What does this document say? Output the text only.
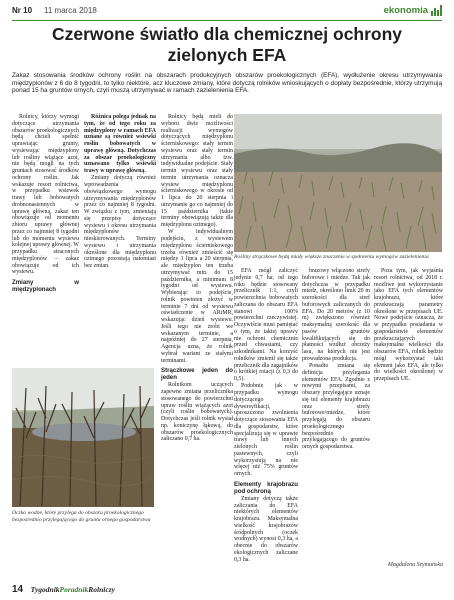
Nr 10 11 marca 2018	ekonomia
Czerwone światło dla chemicznej ochrony zielonych EFA
Zakaz stosowania środków ochrony roślin na obszarach produkcyjnych obszarów proekologicznych (EFA), wydłużenie okresu utrzymywania międzyplonów z 6 do 8 tygodni, to tylko niektóre, acz kluczowe zmiany, które dotyczą rolników wnioskujących o dopłaty bezpośrednie, którzy utrzymują ponad 15 ha gruntów ornych, czyli muszą utrzymywać w ramach zazielenienia EFA.

Rolnicy, którzy wymogi dotyczące utrzymania obszarów proekologicznych będą chcieli spełnić uprawiając grunty, wysiewając międzyplony lub rośliny wiążące azot, nie będą mogli na tych gruntach stosować środków ochrony roślin. Jak wskazuje resort rolnictwa, w przypadku wsiewek trawy lub bobowatych drobnonasiennych w uprawę główną, zakaz ten obowiązuje od momentu zbioru uprawy głównej przez co najmniej 8 tygodni lub do momentu wysiewu kolejnej uprawy głównej. W przypadku straconych międzyplonów – zakaz obowiązuje od ich wysiewu.

Zmiany w międzyplonach

Różnica polega jednak na tym, że od tego roku za międzyplony w ramach EFA uznane są również wsiewki roślin bobowatych w uprawę główną. Dotychczas za obszar proekologiczny uznawano tylko wsiewki trawy w uprawę główną.

Zmiany dotyczą również wprowadzenia obowiązkowego wymogu utrzymywania międzyplonów przez co najmniej 8 tygodni. W związku z tym, zmieniają się przepisy dotyczące wysiewu i okresu utrzymania międzyplonów nieskierowanych. Terminy wysiewu i utrzymania określone dla międzyplonu ozimego pozostają natomiast bez zmian.

Rolnicy będą mieli do wyboru dwie możliwości realizacji wymogów dotyczących międzyplonu ścierniskowego: stały termin wysiewu oraz stały termin utrzymania albo tzw. indywidualne podejście. Stały termin wysiewu oraz stały termin utrzymania oznacza wysiew międzyplonu ścierniskowego w okresie od 1 lipca do 20 sierpnia i utrzymanie go co najmniej do 15 października (takie terminy obowiązują także dla międzyplonu ozimego).

W indywidualnym podejściu, z wysiewem międzyplonu ścierniskowego trzeba również zmieścić się między 1 lipca a 20 sierpnia, ale międzyplon ten trzeba utrzymywać min. do 15 października, a minimum 8 tygodni od wysiewu. Wybierając to podejście, rolnik powinien złożyć w terminie 7 dni od wysiewu oświadczenie w ARiMR, wskazując dzień wysiewu. Jeśli tego nie zrobi we wskazanym terminie, a najpóźniej do 27 sierpnia, Agencja uzna, że rolnik wybrał wariant ze stałymi terminami.

Strączkowe jeden do jeden

Rolnikom uczących zapewne zmiana przelicznika stosowanego do powierzchni upraw roślin wiążących azot (czyli roślin bobowatych). Dotychczas jeśli rolnik wysiał np. koniczynę łąkową, do obszarów proekologicznych zaliczano 0,7 ha.

Rośliny strączkowe będą miały większe znaczenie w spełnieniu wymogów zazielenienia

EFA mógł zaliczyć jedynie 0,7 ha; od tego roku będzie stosowany przelicznik 1:1, czyli powierzchnia bobowatych zaliczana do obszaru EFA stanowi 100% powierzchni rzeczywistej. Oczywiście musi pamiętać o tym, że takiej uprawy nie ochroni chemicznie przed chwastami, czy szkodnikami. Na korzyść rolników zmienił się także przelicznik dla zagajników o krótkiej rotacji (z 0,3 do 0,5).

Podobnie jak w przypadku wymogu dotyczącego dywersyfikacji, uproszczono zwolnienia dotyczące stosowania EFA dla gospodarstw, które specjalizują się w uprawie trawy lub innych zielonych roślin pastewnych, czyli wykorzystują na nie więcej niż 75% gruntów ornych.

Elementy krajobrazu pod ochroną

Zmiany dotyczą także zaliczania do EFA niektórych elementów krajobrazu. Maksymalna wielkość krajobrazów śródpolnych (oczek wodnych) wynosi 0,3 ha, a obecnie do obszarów ekologicznych zaliczane 0,3 ha.

brazowy włączono strefy buforowe i miedze. Tak jak dotychczas w przypadku miedz, określono limit 20 m szerokości dla stref buforowych zaliczanych do EFA. Do 20 metrów (z 10 m) zwiększono również maksymalną szerokość dla pasów gruntów kwalifikujących się do płatności wzdłuż obrzeży lasu, na których nie jest prowadzona produkcja.

Ponadto zmiana się definicja przylegania elementów EFA. Zgodnie z nowymi przepisami, za obszary przylegające uznaje się też elementy krajobrazu oraz strefy buforowe/miedze, które przylegają do obszaru proekologicznego bezpośrednio przylegającego do gruntów ornych gospodarstwa.

Poza tym, jak wyjaśnia resort rolnictwa, od 2018 r. możliwe jest wykorzystanie jako EFA tych elementów krajobrazu, które przekraczają parametry określone w przepisach UE. Nowe podejście oznacza, że w przypadku posiadania w gospodarstwie elementów przekraczających maksymalne wielkości dla obszarów EFA, rolnik będzie mógł wykorzystać taki element jako EFA, ale tylko do wielkości określonej w przepisach UE.

Oczko wodne, które przylega do obszaru proekologicznego bezpośrednio przylegającego do gruntu ornego gospodarstwa
Magdalena Szymańska
14 TygodnikPoradnikRolniczy
